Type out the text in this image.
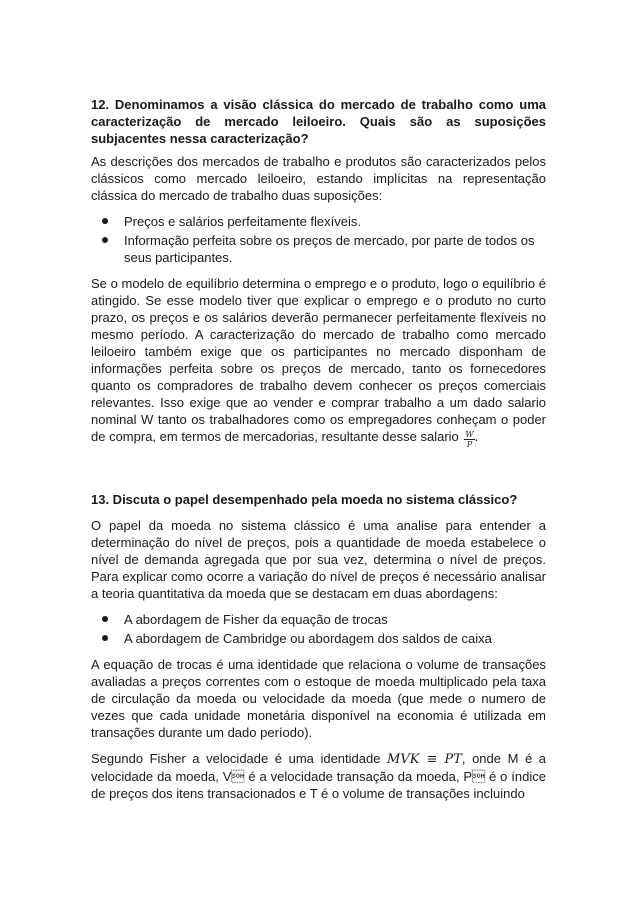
12. Denominamos a visão clássica do mercado de trabalho como uma caracterização de mercado leiloeiro. Quais são as suposições subjacentes nessa caracterização?

As descrições dos mercados de trabalho e produtos são caracterizados pelos clássicos como mercado leiloeiro, estando implícitas na representação clássica do mercado de trabalho duas suposições:

Preços e salários perfeitamente flexíveis.
Informação perfeita sobre os preços de mercado, por parte de todos os seus participantes.

Se o modelo de equilíbrio determina o emprego e o produto, logo o equilíbrio é atingido. Se esse modelo tiver que explicar o emprego e o produto no curto prazo, os preços e os salários deverão permanecer perfeitamente flexíveis no mesmo período. A caracterização do mercado de trabalho como mercado leiloeiro também exige que os participantes no mercado disponham de informações perfeita sobre os preços de mercado, tanto os fornecedores quanto os compradores de trabalho devem conhecer os preços comerciais relevantes. Isso exige que ao vender e comprar trabalho a um dado salario nominal W tanto os trabalhadores como os empregadores conheçam o poder de compra, em termos de mercadorias, resultante desse salario $\frac{W}{P}$ .

13. Discuta o papel desempenhado pela moeda no sistema clássico?

O papel da moeda no sistema clássico é uma analise para entender a determinação do nível de preços, pois a quantidade de moeda estabelece o nível de demanda agregada que por sua vez, determina o nível de preços. Para explicar como ocorre a variação do nível de preços é necessário analisar a teoria quantitativa da moeda que se destacam em duas abordagens:

A abordagem de Fisher da equação de trocas
A abordagem de Cambridge ou abordagem dos saldos de caixa

A equação de trocas é uma identidade que relaciona o volume de transações avaliadas a preços correntes com o estoque de moeda multiplicado pela taxa de circulação da moeda ou velocidade da moeda (que mede o numero de vezes que cada unidade monetária disponível na economia é utilizada em transações durante um dado período).

Segundo Fisher a velocidade é uma identidade MVK ≡ PT, onde M é a velocidade da moeda, V é a velocidade transação da moeda, P é o índice de preços dos itens transacionados e T é o volume de transações incluindo
